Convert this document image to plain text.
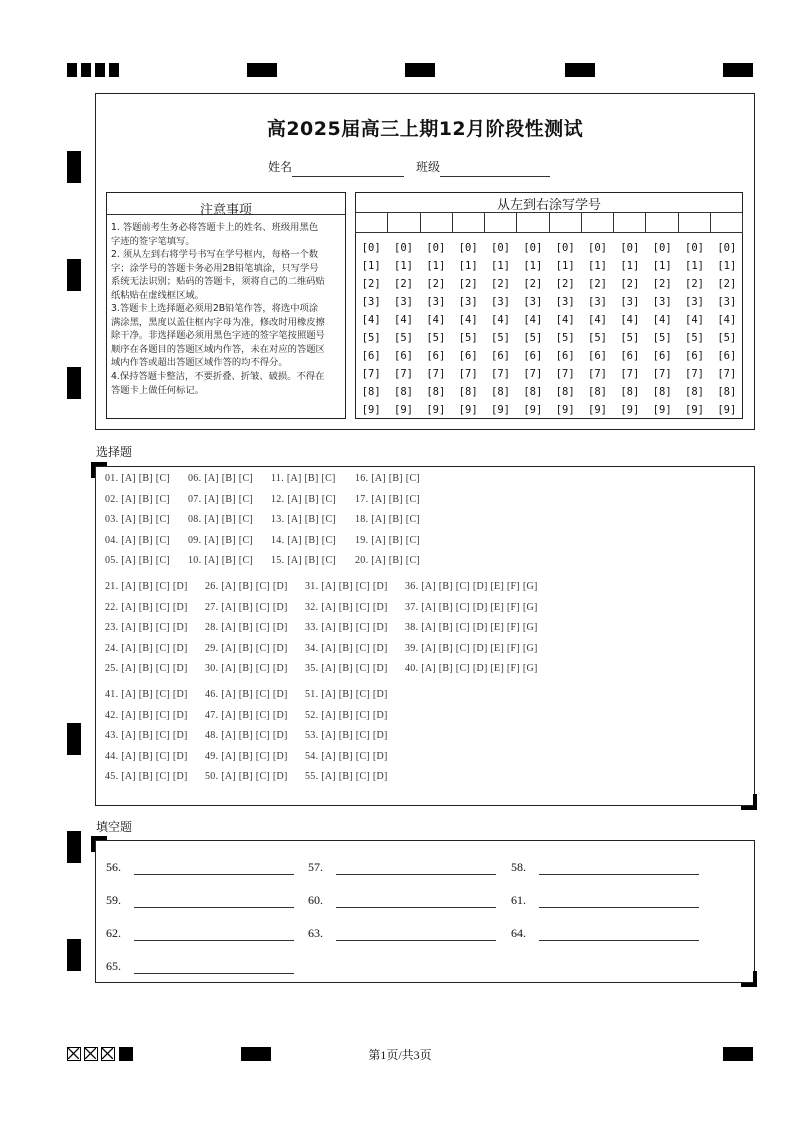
高2025届高三上期12月阶段性测试
姓名	班级
注意事项

1. 答题前考生务必将答题卡上的姓名、班级用黑色

字迹的签字笔填写。

2. 须从左到右将学号书写在学号框内，每格一个数

字；涂学号的答题卡务必用2B铅笔填涂，只写学号

系统无法识别；贴码的答题卡，须将自己的二维码贴

纸粘贴在虚线框区域。

3.答题卡上选择题必须用2B铅笔作答，将选中项涂

满涂黑，黑度以盖住框内字母为准，修改时用橡皮擦

除干净。非选择题必须用黑色字迹的签字笔按照题号

顺序在各题目的答题区域内作答，未在对应的答题区

域内作答或超出答题区域作答的均不得分。

4.保持答题卡整洁，不要折叠、折皱、破损。不得在

答题卡上做任何标记。

从左到右涂写学号

[0]	[0]	[0]	[0]	[0]	[0]	[0]	[0]	[0]	[0]	[0]	[0]
[1]	[1]	[1]	[1]	[1]	[1]	[1]	[1]	[1]	[1]	[1]	[1]
[2]	[2]	[2]	[2]	[2]	[2]	[2]	[2]	[2]	[2]	[2]	[2]
[3]	[3]	[3]	[3]	[3]	[3]	[3]	[3]	[3]	[3]	[3]	[3]
[4]	[4]	[4]	[4]	[4]	[4]	[4]	[4]	[4]	[4]	[4]	[4]
[5]	[5]	[5]	[5]	[5]	[5]	[5]	[5]	[5]	[5]	[5]	[5]
[6]	[6]	[6]	[6]	[6]	[6]	[6]	[6]	[6]	[6]	[6]	[6]
[7]	[7]	[7]	[7]	[7]	[7]	[7]	[7]	[7]	[7]	[7]	[7]
[8]	[8]	[8]	[8]	[8]	[8]	[8]	[8]	[8]	[8]	[8]	[8]
[9]	[9]	[9]	[9]	[9]	[9]	[9]	[9]	[9]	[9]	[9]	[9]
选择题
01. [A] [B] [C]
02. [A] [B] [C]
03. [A] [B] [C]
04. [A] [B] [C]
05. [A] [B] [C]
06. [A] [B] [C]
07. [A] [B] [C]
08. [A] [B] [C]
09. [A] [B] [C]
10. [A] [B] [C]
11. [A] [B] [C]
12. [A] [B] [C]
13. [A] [B] [C]
14. [A] [B] [C]
15. [A] [B] [C]
16. [A] [B] [C]
17. [A] [B] [C]
18. [A] [B] [C]
19. [A] [B] [C]
20. [A] [B] [C]
21. [A] [B] [C] [D]
22. [A] [B] [C] [D]
23. [A] [B] [C] [D]
24. [A] [B] [C] [D]
25. [A] [B] [C] [D]
26. [A] [B] [C] [D]
27. [A] [B] [C] [D]
28. [A] [B] [C] [D]
29. [A] [B] [C] [D]
30. [A] [B] [C] [D]
31. [A] [B] [C] [D]
32. [A] [B] [C] [D]
33. [A] [B] [C] [D]
34. [A] [B] [C] [D]
35. [A] [B] [C] [D]
36. [A] [B] [C] [D] [E] [F] [G]
37. [A] [B] [C] [D] [E] [F] [G]
38. [A] [B] [C] [D] [E] [F] [G]
39. [A] [B] [C] [D] [E] [F] [G]
40. [A] [B] [C] [D] [E] [F] [G]
41. [A] [B] [C] [D]
42. [A] [B] [C] [D]
43. [A] [B] [C] [D]
44. [A] [B] [C] [D]
45. [A] [B] [C] [D]
46. [A] [B] [C] [D]
47. [A] [B] [C] [D]
48. [A] [B] [C] [D]
49. [A] [B] [C] [D]
50. [A] [B] [C] [D]
51. [A] [B] [C] [D]
52. [A] [B] [C] [D]
53. [A] [B] [C] [D]
54. [A] [B] [C] [D]
55. [A] [B] [C] [D]
填空题
56.	57.	58.
59.	60.	61.
62.	63.	64.
65.
第1页/共3页
